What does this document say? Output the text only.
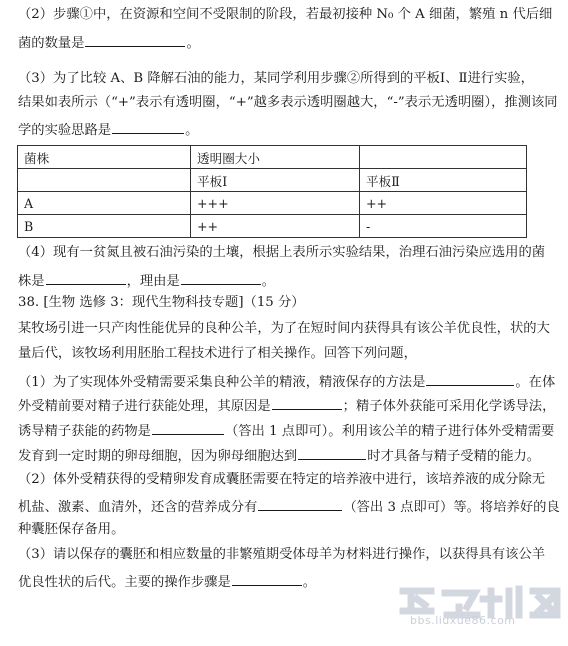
（2）步骤①中，在资源和空间不受限制的阶段，若最初接种 N₀ 个 A 细菌，繁殖 n 代后细
菌的数量是	。
（3）为了比较 A、B 降解石油的能力，某同学利用步骤②所得到的平板Ⅰ、Ⅱ进行实验，
结果如表所示（“+”表示有透明圈，“+”越多表示透明圈越大，“-”表示无透明圈），推测该同
学的实验思路是	。
菌株	透明圈大小	
	平板Ⅰ	平板Ⅱ
A	+++	++
B	++	-
（4）现有一贫氮且被石油污染的土壤，根据上表所示实验结果，治理石油污染应选用的菌
株是	，理由是	。
38. [生物 选修 3：现代生物科技专题]（15 分）
某牧场引进一只产肉性能优异的良种公羊，为了在短时间内获得具有该公羊优良性，状的大
量后代，该牧场利用胚胎工程技术进行了相关操作。回答下列问题，
（1）为了实现体外受精需要采集良种公羊的精液，精液保存的方法是	。在体
外受精前要对精子进行获能处理，其原因是	；精子体外获能可采用化学诱导法，
诱导精子获能的药物是	（答出 1 点即可）。利用该公羊的精子进行体外受精需要
发育到一定时期的卵母细胞，因为卵母细胞达到	时才具备与精子受精的能力。
（2）体外受精获得的受精卵发育成囊胚需要在特定的培养液中进行，该培养液的成分除无
机盐、激素、血清外，还含的营养成分有	（答出 3 点即可）等。将培养好的良
种囊胚保存备用。
（3）请以保存的囊胚和相应数量的非繁殖期受体母羊为材料进行操作，以获得具有该公羊
优良性状的后代。主要的操作步骤是	。
bbs.liuxue86.com
